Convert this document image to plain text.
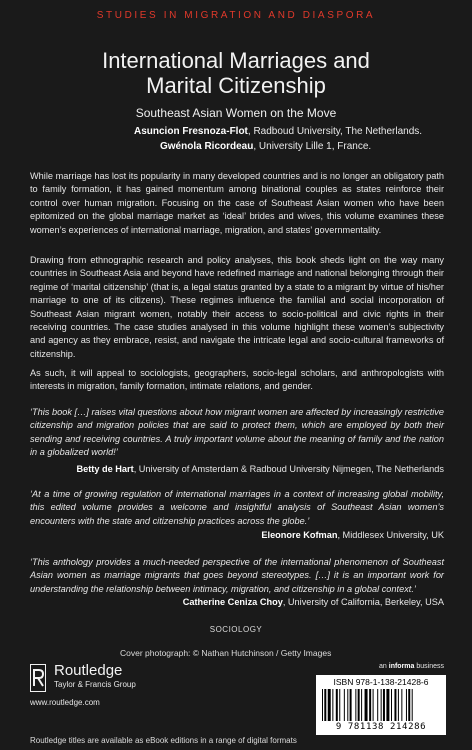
STUDIES IN MIGRATION AND DIASPORA
International Marriages and
Marital Citizenship
Southeast Asian Women on the Move
Asuncion Fresnoza-Flot, Radboud University, The Netherlands.
Gwénola Ricordeau, University Lille 1, France.
While marriage has lost its popularity in many developed countries and is no longer an obligatory path to family formation, it has gained momentum among binational couples as states reinforce their control over human migration. Focusing on the case of Southeast Asian women who have been epitomized on the global marriage market as ‘ideal’ brides and wives, this volume examines these women’s experiences of international marriage, migration, and states’ governmentality.
Drawing from ethnographic research and policy analyses, this book sheds light on the way many countries in Southeast Asia and beyond have redefined marriage and national belonging through their regime of ‘marital citizenship’ (that is, a legal status granted by a state to a migrant by virtue of his/her marriage to one of its citizens). These regimes influence the familial and social incorporation of Southeast Asian migrant women, notably their access to socio-political and civic rights in their receiving countries. The case studies analysed in this volume highlight these women’s subjectivity and agency as they embrace, resist, and navigate the intricate legal and socio-cultural frameworks of citizenship.
As such, it will appeal to sociologists, geographers, socio-legal scholars, and anthropologists with interests in migration, family formation, intimate relations, and gender.
‘This book […] raises vital questions about how migrant women are affected by increasingly restrictive citizenship and migration policies that are said to protect them, which are employed by both their sending and receiving countries. A truly important volume about the meaning of family and the nation in a globalized world!’
Betty de Hart, University of Amsterdam & Radboud University Nijmegen, The Netherlands
‘At a time of growing regulation of international marriages in a context of increasing global mobility, this edited volume provides a welcome and insightful analysis of Southeast Asian women’s encounters with the state and citizenship practices across the globe.’
Eleonore Kofman, Middlesex University, UK
‘This anthology provides a much-needed perspective of the international phenomenon of Southeast Asian women as marriage migrants that goes beyond stereotypes. […] it is an important work for understanding the relationship between intimacy, migration, and citizenship in a global context.’
Catherine Ceniza Choy, University of California, Berkeley, USA
SOCIOLOGY
Cover photograph: © Nathan Hutchinson / Getty Images
Routledge
Taylor & Francis Group
www.routledge.com
an informa business
ISBN 978-1-138-21428-6
9 781138 214286
Routledge titles are available as eBook editions in a range of digital formats
